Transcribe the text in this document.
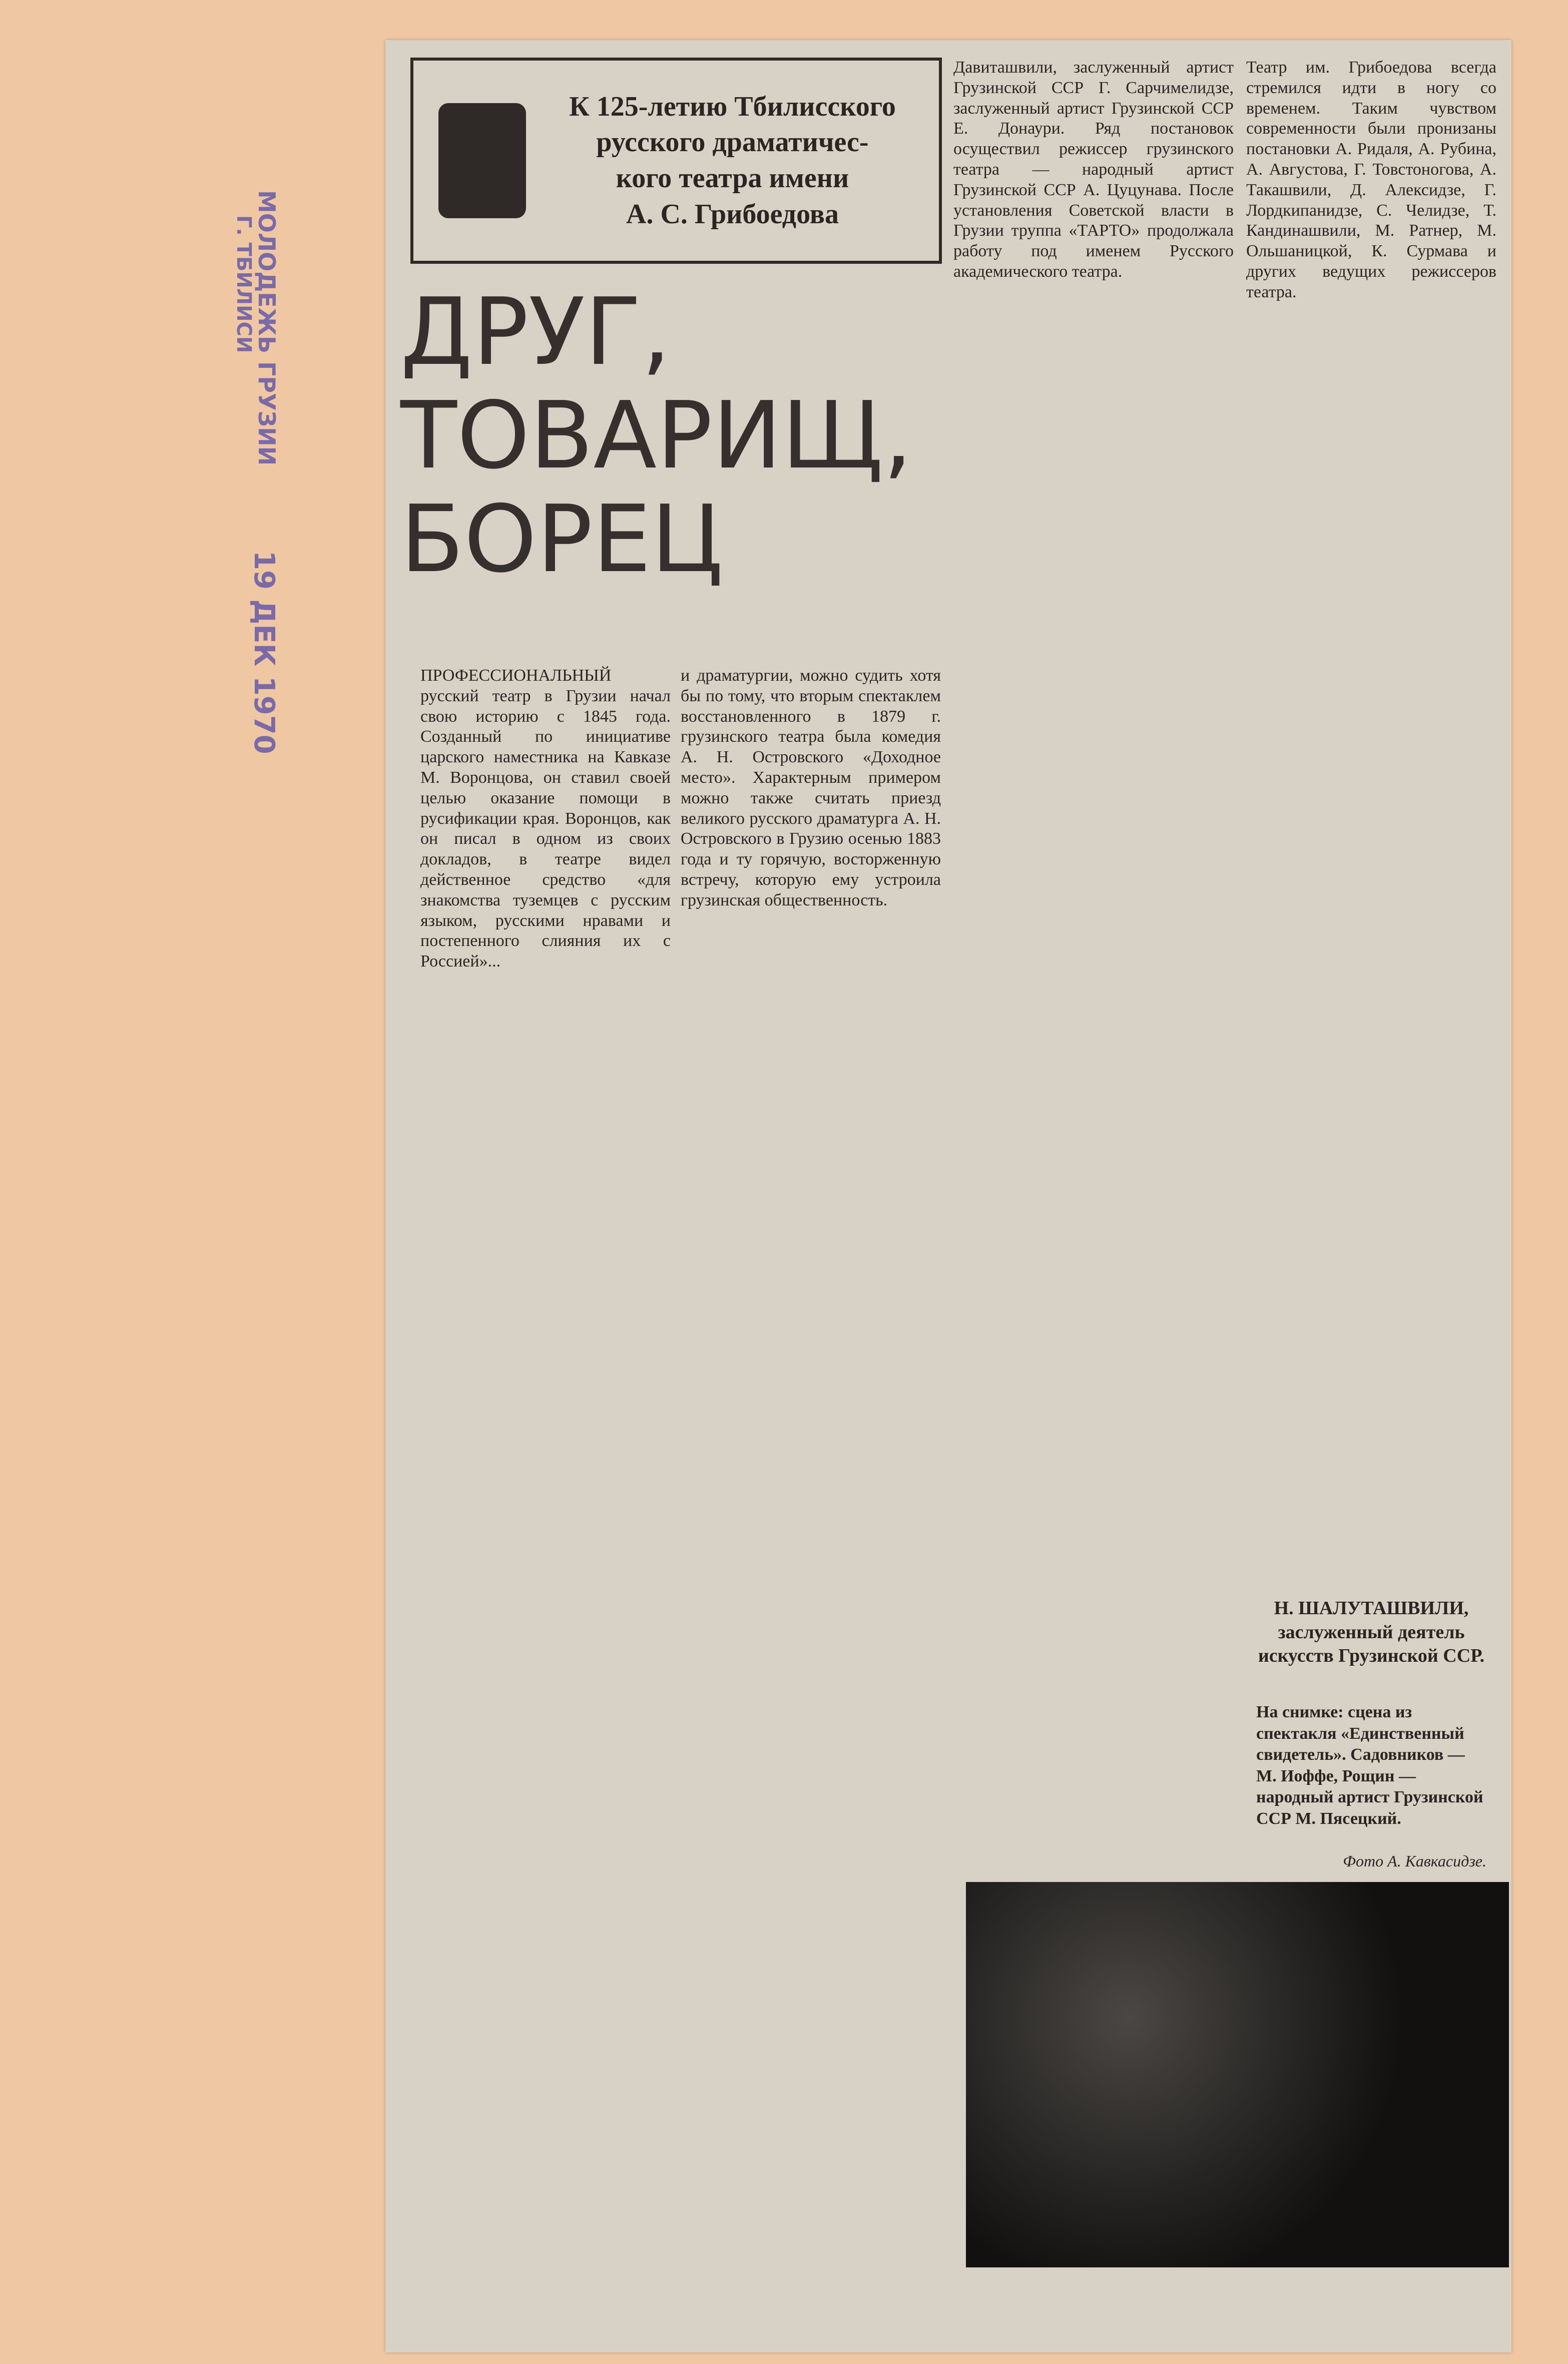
МОЛОДЕЖЬ ГРУЗИИ
Г. ТБИЛИСИ
19 ДЕК 1970
К 125-летию Тбилисского
русского драматичес-
кого театра имени
А. С. Грибоедова
ДРУГ,
ТОВАРИЩ,
БОРЕЦ
ПРОФЕССИОНАЛЬНЫЙ русский театр в Грузии начал свою историю с 1845 года. Созданный по инициативе царского наместника на Кавказе М. Воронцова, он ставил своей целью оказание помощи в русификации края. Воронцов, как он писал в одном из своих докладов, в театре видел действенное средство «для знакомства туземцев с русским языком, русскими нравами и постепенного слияния их с Россией»...
и драматургии, можно судить хотя бы по тому, что вторым спектаклем восстановленного в 1879 г. грузинского театра была комедия А. Н. Островского «Доходное место». Характерным примером можно также считать приезд великого русского драматурга А. Н. Островского в Грузию осенью 1883 года и ту горячую, восторженную встречу, которую ему устроила грузинская общественность.
Давиташвили, заслуженный артист Грузинской ССР Г. Сарчимелидзе, заслуженный артист Грузинской ССР Е. Донаури. Ряд постановок осуществил режиссер грузинского театра — народный артист Грузинской ССР А. Цуцунава. После установления Советской власти в Грузии труппа «ТАРТО» продолжала работу под именем Русского академического театра.
Театр им. Грибоедова всегда стремился идти в ногу со временем. Таким чувством современности были пронизаны постановки А. Ридаля, А. Рубина, А. Августова, Г. Товстоногова, А. Такашвили, Д. Алексидзе, Г. Лордкипанидзе, С. Челидзе, Т. Кандинашвили, М. Ратнер, М. Ольшаницкой, К. Сурмава и других ведущих режиссеров театра.
Н. ШАЛУТАШВИЛИ,
заслуженный деятель искусств Грузинской ССР.
На снимке: сцена из спектакля «Единственный свидетель». Садовников — М. Иоффе, Рощин — народный артист Грузинской ССР М. Пясецкий.
Фото А. Кавкасидзе.
